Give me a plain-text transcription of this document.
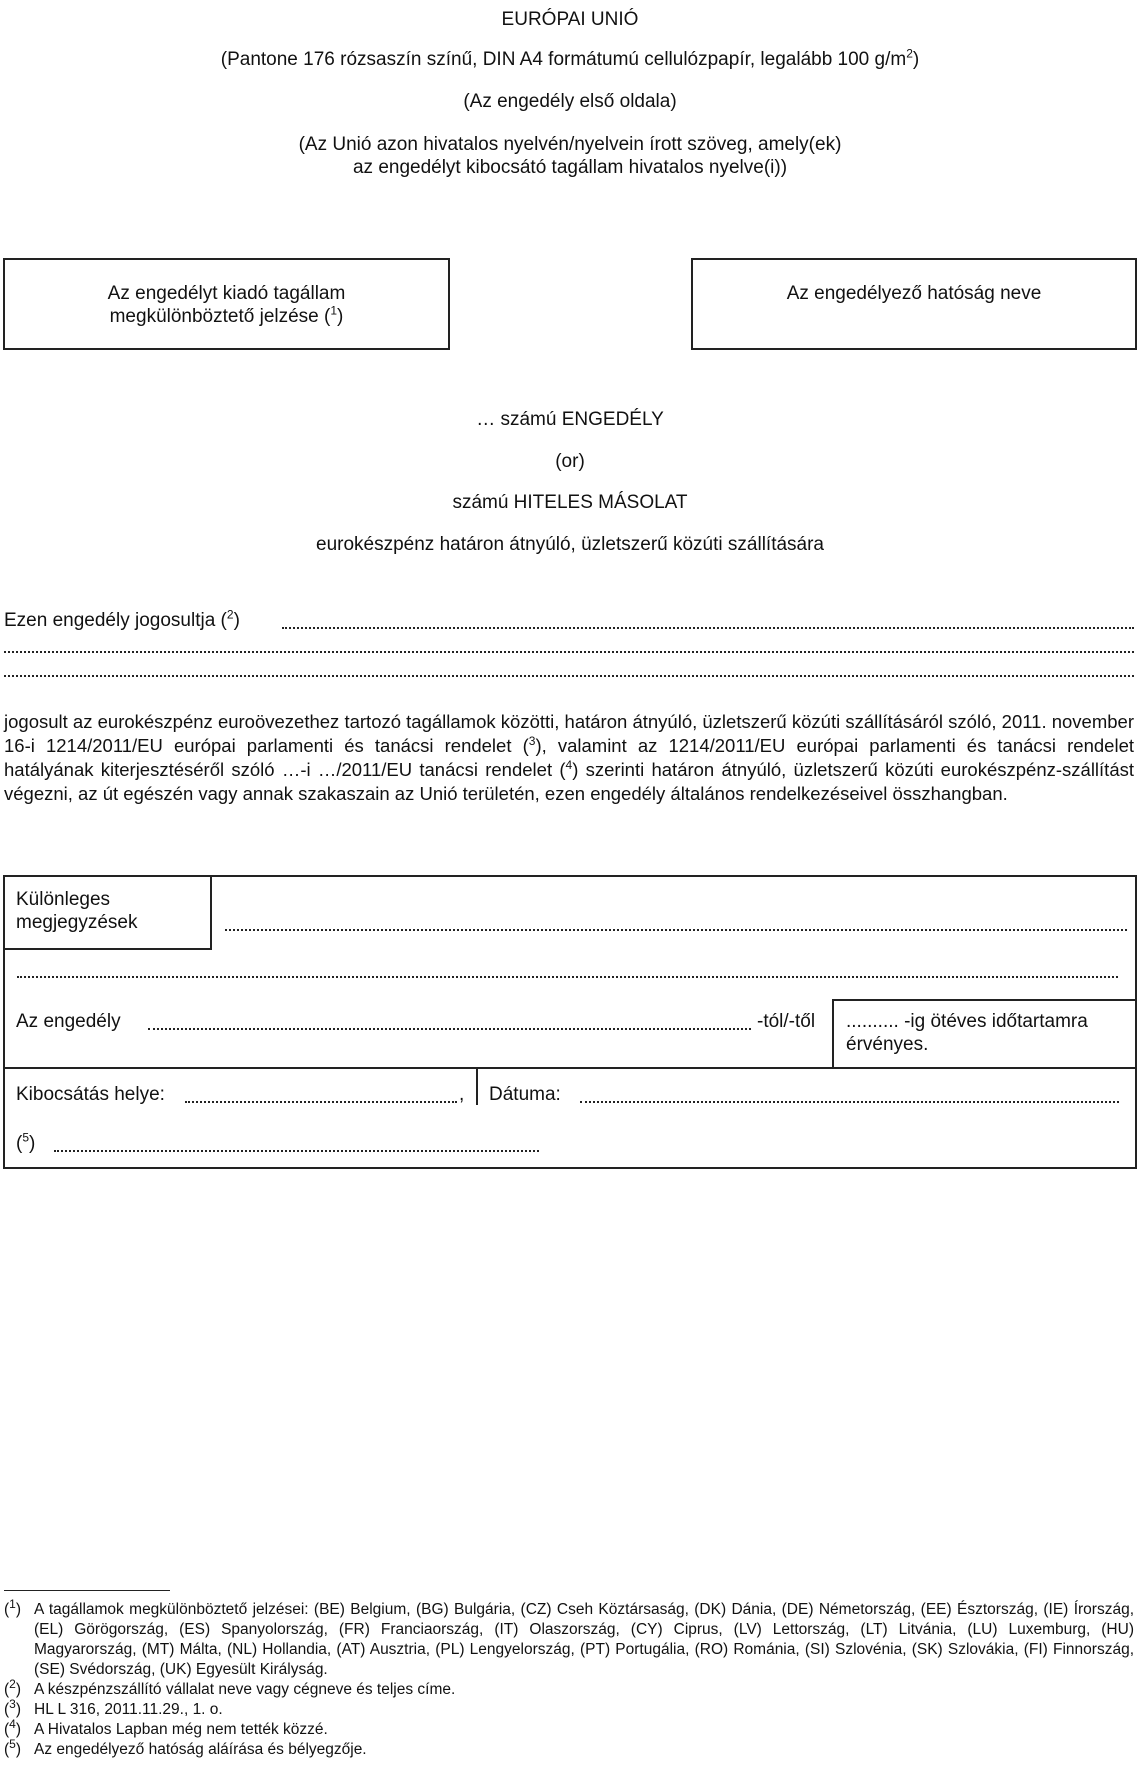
EURÓPAI UNIÓ
(Pantone 176 rózsaszín színű, DIN A4 formátumú cellulózpapír, legalább 100 $g/m^2$)
(Az engedély első oldala)
(Az Unió azon hivatalos nyelvén/nyelvein írott szöveg, amely(ek)
az engedélyt kibocsátó tagállam hivatalos nyelve(i))
Az engedélyt kiadó tagállam
megkülönböztető jelzése ($^1$)
Az engedélyező hatóság neve
… számú ENGEDÉLY
(or)
számú HITELES MÁSOLAT
eurokészpénz határon átnyúló, üzletszerű közúti szállítására
Ezen engedély jogosultja ($^2$)
jogosult az eurokészpénz euroövezethez tartozó tagállamok közötti, határon átnyúló, üzletszerű közúti szállításáról szóló, 2011. november 16-i 1214/2011/EU európai parlamenti és tanácsi rendelet ($^3$), valamint az 1214/2011/EU európai parlamenti és tanácsi rendelet hatályának kiterjesztéséről szóló …-i …/2011/EU tanácsi rendelet ($^4$) szerinti határon átnyúló, üzletszerű közúti eurokészpénz-szállítást végezni, az út egészén vagy annak szakaszain az Unió területén, ezen engedély általános rendelkezéseivel összhangban.
Különleges
megjegyzések
Az engedély	-tól/-től .......... -ig ötéves időtartamra
érvényes.
Kibocsátás helye:	, Dátuma:
($^5$)
($^1$) A tagállamok megkülönböztető jelzései: (BE) Belgium, (BG) Bulgária, (CZ) Cseh Köztársaság, (DK) Dánia, (DE) Németország, (EE) Észtország, (IE) Írország, (EL) Görögország, (ES) Spanyolország, (FR) Franciaország, (IT) Olaszország, (CY) Ciprus, (LV) Lettország, (LT) Litvánia, (LU) Luxemburg, (HU) Magyarország, (MT) Málta, (NL) Hollandia, (AT) Ausztria, (PL) Lengyelország, (PT) Portugália, (RO) Románia, (SI) Szlovénia, (SK) Szlovákia, (FI) Finnország, (SE) Svédország, (UK) Egyesült Királyság.
($^2$) A készpénzszállító vállalat neve vagy cégneve és teljes címe.
($^3$) HL L 316, 2011.11.29., 1. o.
($^4$) A Hivatalos Lapban még nem tették közzé.
($^5$) Az engedélyező hatóság aláírása és bélyegzője.
